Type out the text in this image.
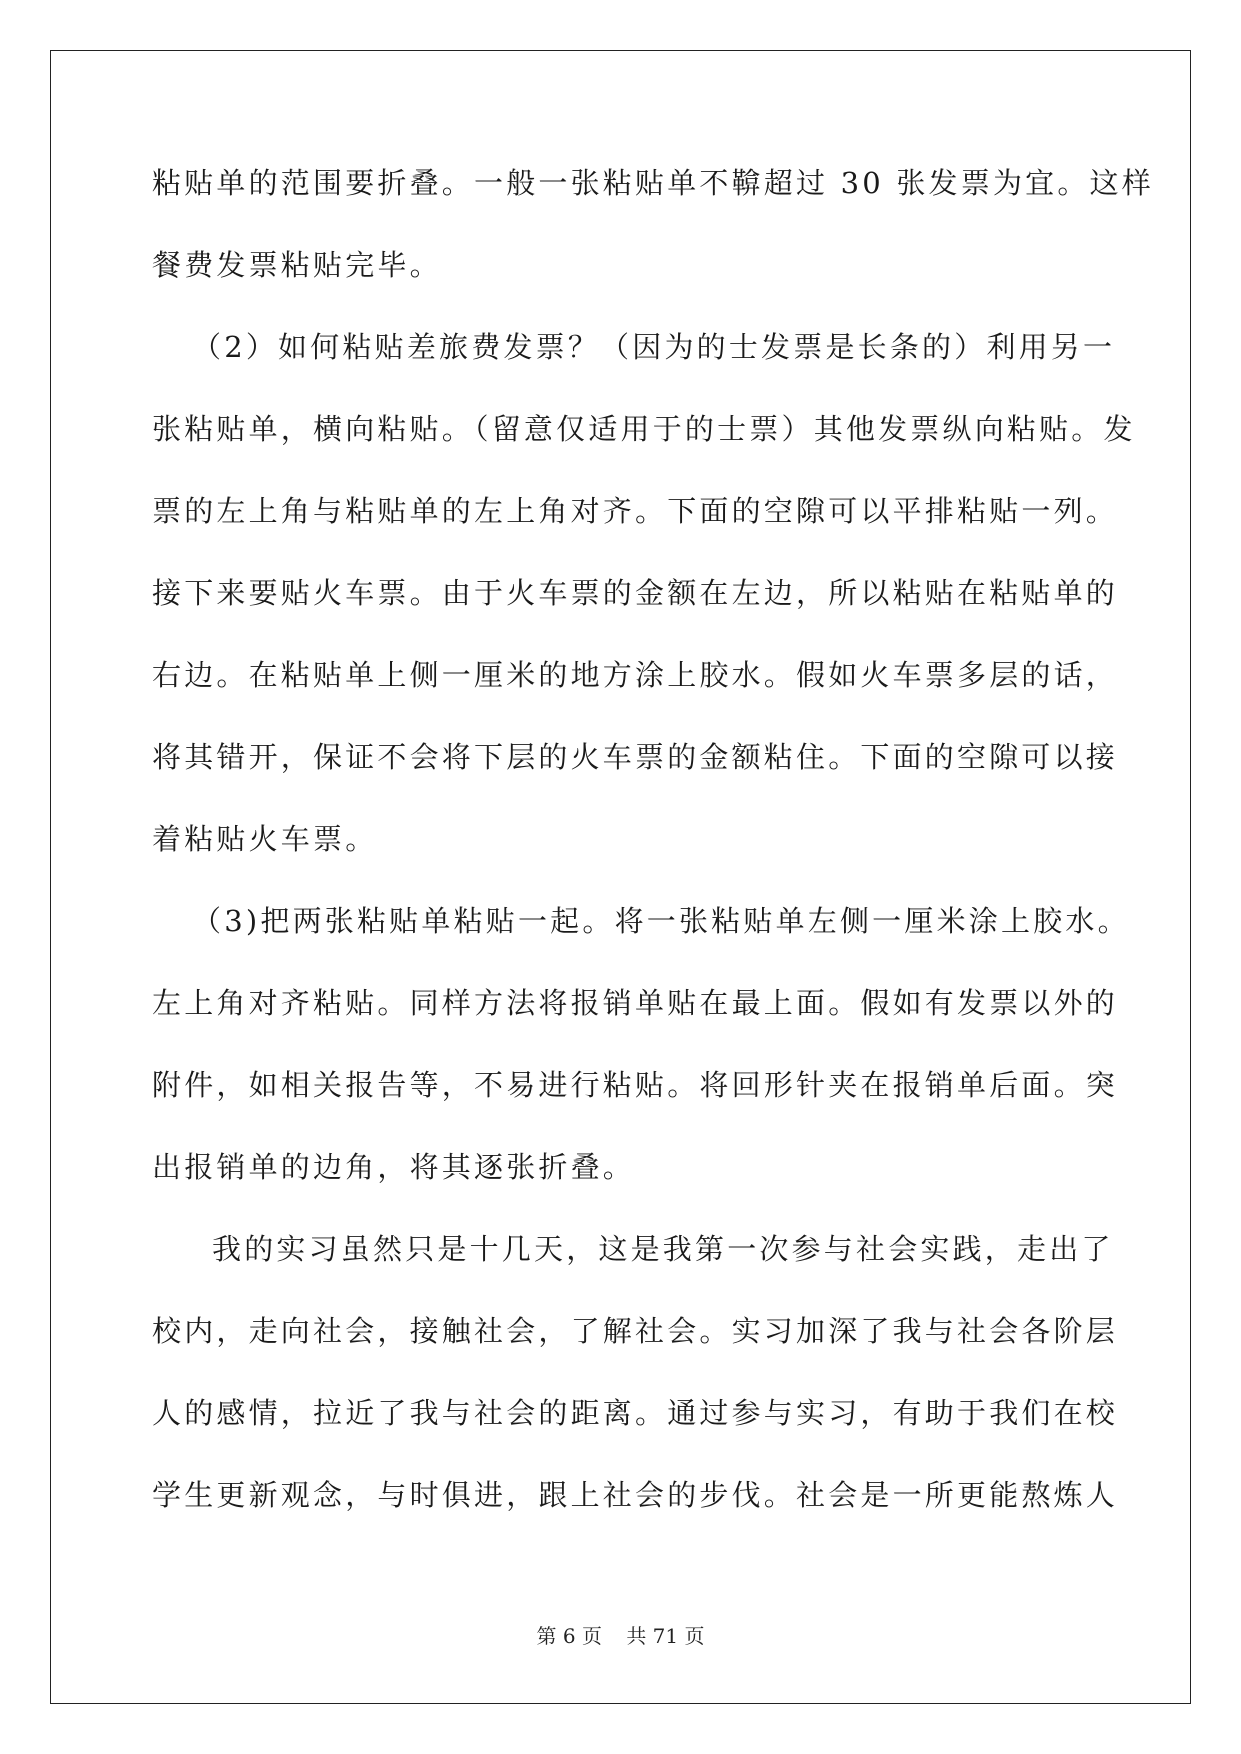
粘贴单的范围要折叠。一般一张粘贴单不鞥超过 30 张发票为宜。这样
餐费发票粘贴完毕。
（2）如何粘贴差旅费发票？（因为的士发票是长条的）利用另一
张粘贴单，横向粘贴。（留意仅适用于的士票）其他发票纵向粘贴。发
票的左上角与粘贴单的左上角对齐。下面的空隙可以平排粘贴一列。
接下来要贴火车票。由于火车票的金额在左边，所以粘贴在粘贴单的
右边。在粘贴单上侧一厘米的地方涂上胶水。假如火车票多层的话，
将其错开，保证不会将下层的火车票的金额粘住。下面的空隙可以接
着粘贴火车票。
（3)把两张粘贴单粘贴一起。将一张粘贴单左侧一厘米涂上胶水。
左上角对齐粘贴。同样方法将报销单贴在最上面。假如有发票以外的
附件，如相关报告等，不易进行粘贴。将回形针夹在报销单后面。突
出报销单的边角，将其逐张折叠。
我的实习虽然只是十几天，这是我第一次参与社会实践，走出了
校内，走向社会，接触社会，了解社会。实习加深了我与社会各阶层
人的感情，拉近了我与社会的距离。通过参与实习，有助于我们在校
学生更新观念，与时俱进，跟上社会的步伐。社会是一所更能熬炼人
第 6 页 共 71 页
